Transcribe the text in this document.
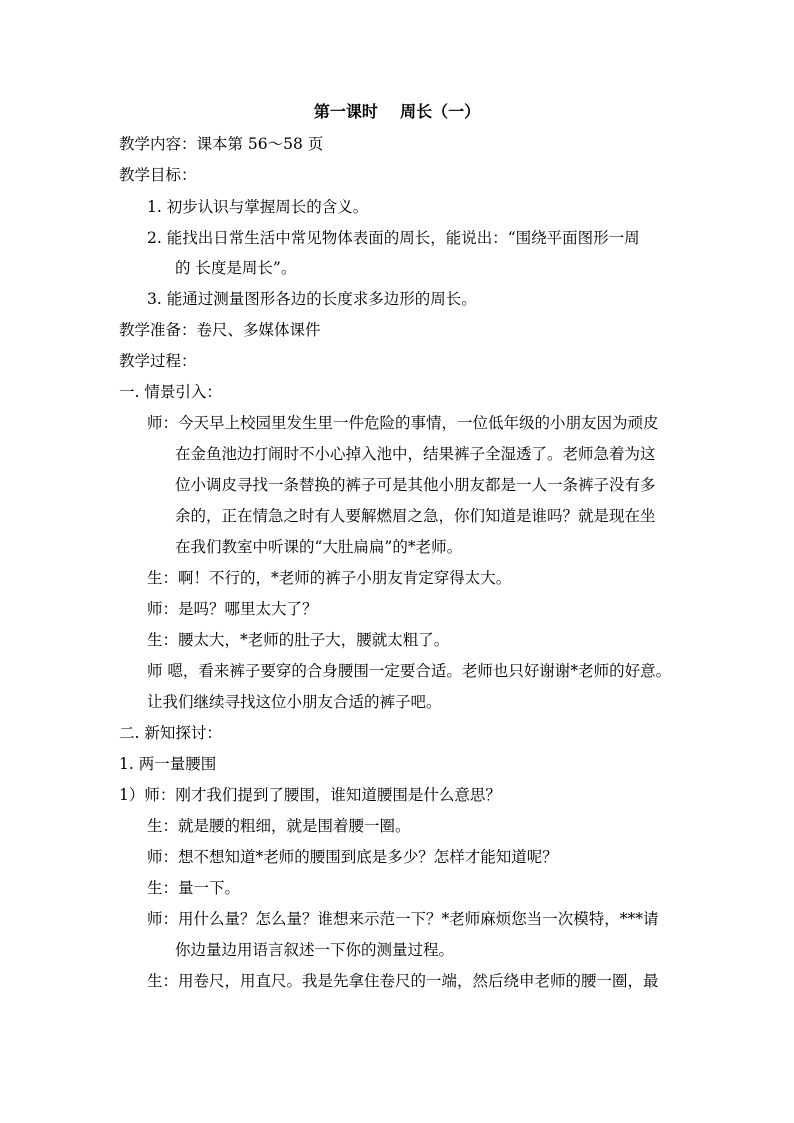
第一课时    周长（一）
教学内容：课本第 56～58 页
教学目标：
1. 初步认识与掌握周长的含义。
2. 能找出日常生活中常见物体表面的周长，能说出：“围绕平面图形一周
的 长度是周长”。
3. 能通过测量图形各边的长度求多边形的周长。
教学准备：卷尺、多媒体课件
教学过程：
一. 情景引入：
师：今天早上校园里发生里一件危险的事情，一位低年级的小朋友因为顽皮
在金鱼池边打闹时不小心掉入池中，结果裤子全湿透了。老师急着为这
位小调皮寻找一条替换的裤子可是其他小朋友都是一人一条裤子没有多
余的，正在情急之时有人要解燃眉之急，你们知道是谁吗？就是现在坐
在我们教室中听课的“大肚扁扁”的*老师。
生：啊！不行的，*老师的裤子小朋友肯定穿得太大。
师：是吗？哪里太大了？
生：腰太大，*老师的肚子大，腰就太粗了。
师 嗯，看来裤子要穿的合身腰围一定要合适。老师也只好谢谢*老师的好意。
让我们继续寻找这位小朋友合适的裤子吧。
二. 新知探讨：
1. 两一量腰围
1）师：刚才我们提到了腰围，谁知道腰围是什么意思？
生：就是腰的粗细，就是围着腰一圈。
师：想不想知道*老师的腰围到底是多少？怎样才能知道呢？
生：量一下。
师：用什么量？怎么量？谁想来示范一下？*老师麻烦您当一次模特，***请
你边量边用语言叙述一下你的测量过程。
生：用卷尺，用直尺。我是先拿住卷尺的一端，然后绕申老师的腰一圈，最
